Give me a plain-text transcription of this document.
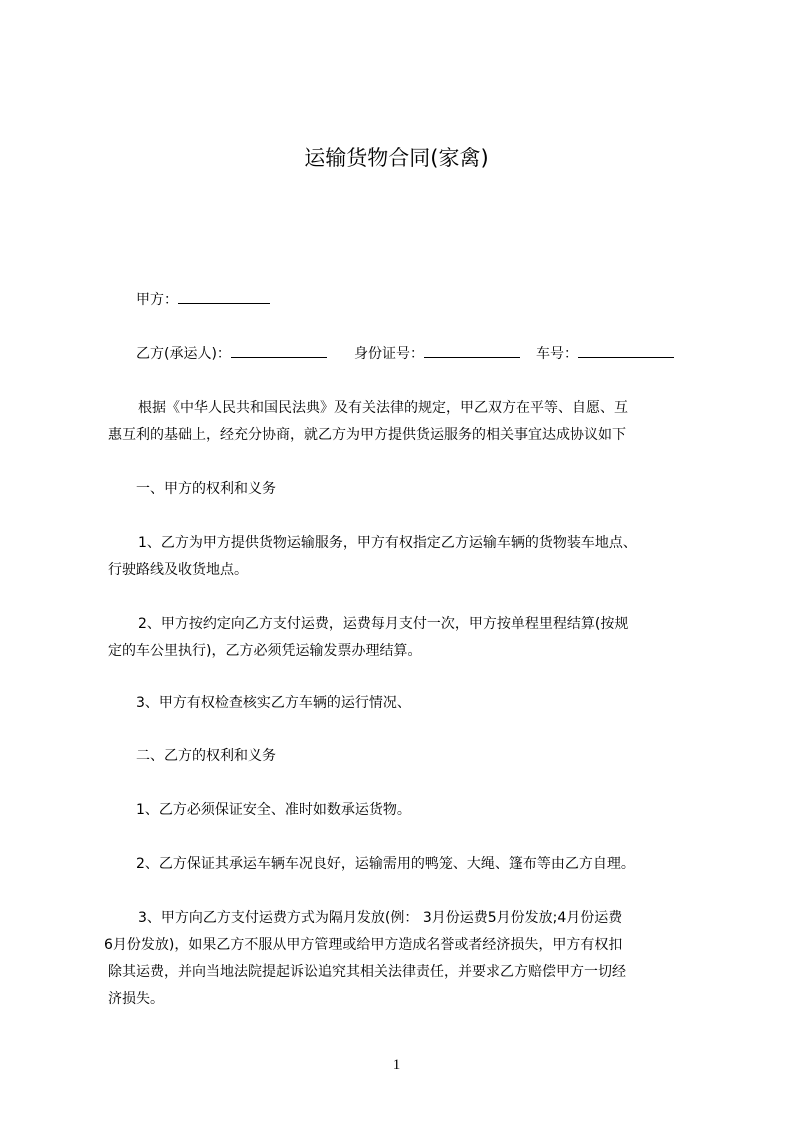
运输货物合同(家禽)
甲方：
乙方(承运人)：	身份证号：	车号：
根据《中华人民共和国民法典》及有关法律的规定，甲乙双方在平等、自愿、互
惠互利的基础上，经充分协商，就乙方为甲方提供货运服务的相关事宜达成协议如下
一、甲方的权利和义务
1、乙方为甲方提供货物运输服务，甲方有权指定乙方运输车辆的货物装车地点、
行驶路线及收货地点。
2、甲方按约定向乙方支付运费，运费每月支付一次，甲方按单程里程结算(按规
定的车公里执行)，乙方必须凭运输发票办理结算。
3、甲方有权检查核实乙方车辆的运行情况、
二、乙方的权利和义务
1、乙方必须保证安全、准时如数承运货物。
2、乙方保证其承运车辆车况良好，运输需用的鸭笼、大绳、篷布等由乙方自理。
3、甲方向乙方支付运费方式为隔月发放(例： 3月份运费5月份发放;4月份运费
6月份发放)，如果乙方不服从甲方管理或给甲方造成名誉或者经济损失，甲方有权扣
除其运费，并向当地法院提起诉讼追究其相关法律责任，并要求乙方赔偿甲方一切经
济损失。
1
